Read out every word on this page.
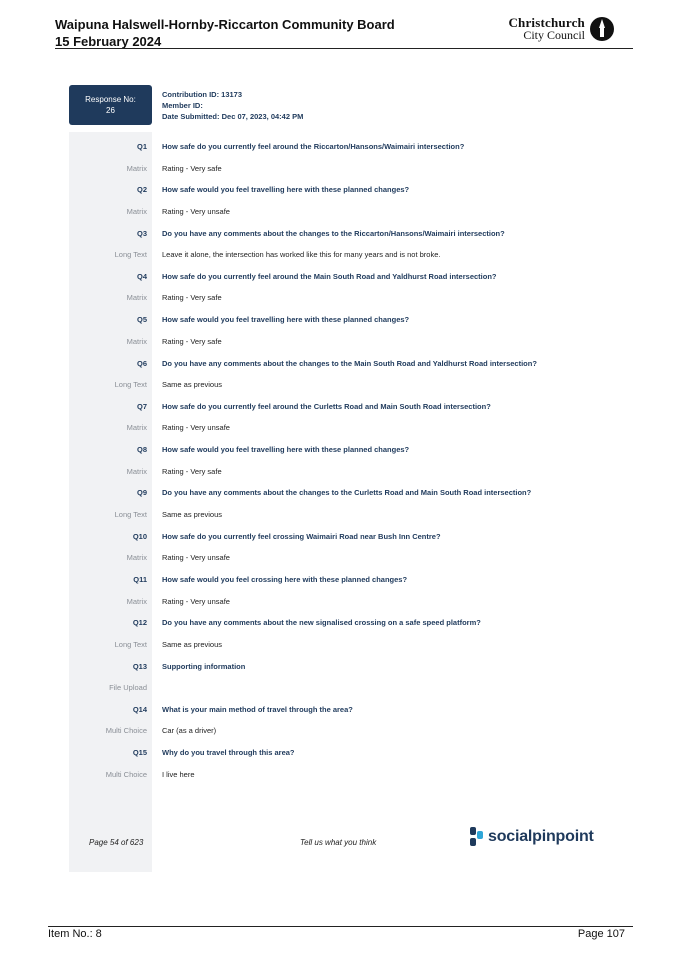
Waipuna Halswell-Hornby-Riccarton Community Board
15 February 2024
Christchurch
City Council
Response No:
26
Contribution ID: 13173
Member ID:
Date Submitted: Dec 07, 2023, 04:42 PM
Q1 How safe do you currently feel around the Riccarton/Hansons/Waimairi intersection?
Matrix Rating - Very safe
Q2 How safe would you feel travelling here with these planned changes?
Matrix Rating - Very unsafe
Q3 Do you have any comments about the changes to the Riccarton/Hansons/Waimairi intersection?
Long Text Leave it alone, the intersection has worked like this for many years and is not broke.
Q4 How safe do you currently feel around the Main South Road and Yaldhurst Road intersection?
Matrix Rating - Very safe
Q5 How safe would you feel travelling here with these planned changes?
Matrix Rating - Very safe
Q6 Do you have any comments about the changes to the Main South Road and Yaldhurst Road intersection?
Long Text Same as previous
Q7 How safe do you currently feel around the Curletts Road and Main South Road intersection?
Matrix Rating - Very unsafe
Q8 How safe would you feel travelling here with these planned changes?
Matrix Rating - Very safe
Q9 Do you have any comments about the changes to the Curletts Road and Main South Road intersection?
Long Text Same as previous
Q10 How safe do you currently feel crossing Waimairi Road near Bush Inn Centre?
Matrix Rating - Very unsafe
Q11 How safe would you feel crossing here with these planned changes?
Matrix Rating - Very unsafe
Q12 Do you have any comments about the new signalised crossing on a safe speed platform?
Long Text Same as previous
Q13 Supporting information
File Upload
Q14 What is your main method of travel through the area?
Multi Choice Car (as a driver)
Q15 Why do you travel through this area?
Multi Choice I live here
Page 54 of 623	Tell us what you think	socialpinpoint
Item No.: 8	Page 107
